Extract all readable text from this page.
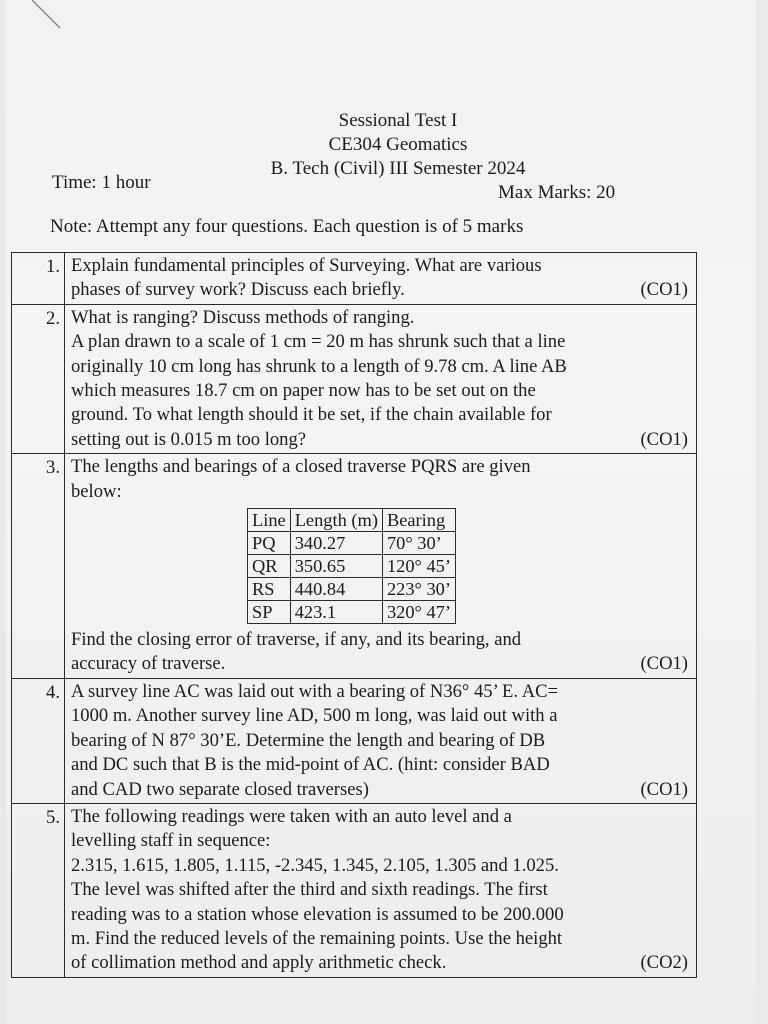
Sessional Test I
CE304 Geomatics
B. Tech (Civil) III Semester 2024
Time: 1 hour	Max Marks: 20
Note: Attempt any four questions. Each question is of 5 marks
1.	Explain fundamental principles of Surveying. What are various
phases of survey work? Discuss each briefly.	(CO1)

2.	What is ranging? Discuss methods of ranging.
A plan drawn to a scale of 1 cm = 20 m has shrunk such that a line
originally 10 cm long has shrunk to a length of 9.78 cm. A line AB
which measures 18.7 cm on paper now has to be set out on the
ground. To what length should it be set, if the chain available for
setting out is 0.015 m too long?	(CO1)

3.	The lengths and bearings of a closed traverse PQRS are given
below:
Line	Length (m)	Bearing
PQ	340.27	70° 30’
QR	350.65	120° 45’
RS	440.84	223° 30’
SP	423.1	320° 47’
Find the closing error of traverse, if any, and its bearing, and
accuracy of traverse.	(CO1)

4.	A survey line AC was laid out with a bearing of N36° 45’ E. AC=
1000 m. Another survey line AD, 500 m long, was laid out with a
bearing of N 87° 30’E. Determine the length and bearing of DB
and DC such that B is the mid-point of AC. (hint: consider BAD
and CAD two separate closed traverses)	(CO1)

5.	The following readings were taken with an auto level and a
levelling staff in sequence:
2.315, 1.615, 1.805, 1.115, -2.345, 1.345, 2.105, 1.305 and 1.025.
The level was shifted after the third and sixth readings. The first
reading was to a station whose elevation is assumed to be 200.000
m. Find the reduced levels of the remaining points. Use the height
of collimation method and apply arithmetic check.	(CO2)
